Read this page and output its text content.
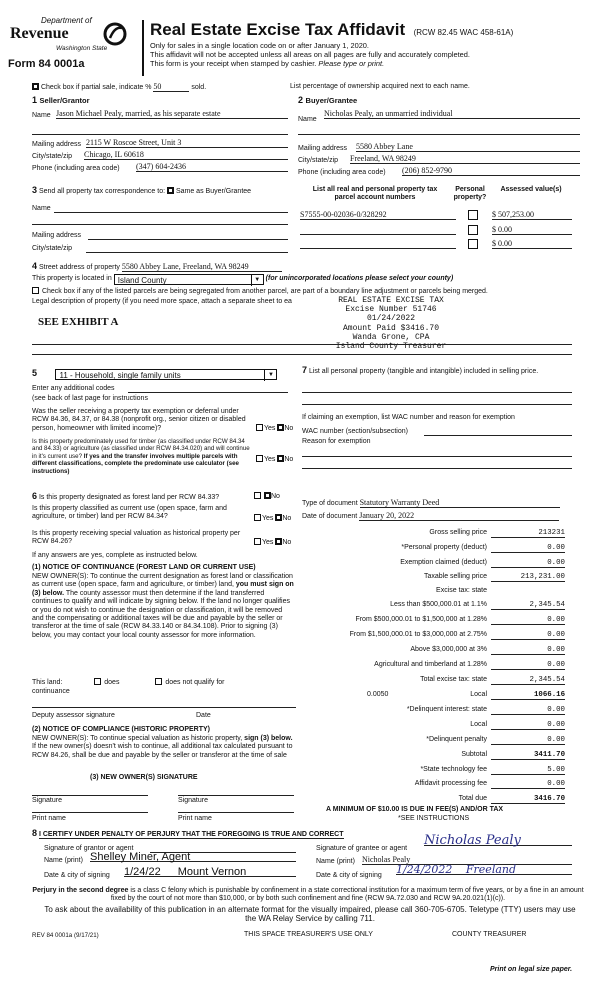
Department of
Revenue
Washington State
Form 84 0001a
Real Estate Excise Tax Affidavit (RCW 82.45 WAC 458-61A)
Only for sales in a single location code on or after January 1, 2020.
This affidavit will not be accepted unless all areas on all pages are fully and accurately completed.
This form is your receipt when stamped by cashier. Please type or print.
Check box if partial sale, indicate % 50	sold.	List percentage of ownership acquired next to each name.
1 Seller/Grantor
Name Jason Michael Pealy, married, as his separate estate
Mailing address 2115 W Roscoe Street, Unit 3
City/state/zip Chicago, IL 60618
Phone (including area code) (347) 604-2436
2 Buyer/Grantee
Name
Nicholas Pealy, an unmarried individual
Mailing address 5580 Abbey Lane
City/state/zip Freeland, WA 98249
Phone (including area code) (206) 852-9790
3 Send all property tax correspondence to: Same as Buyer/Grantee
Name
Mailing address
City/state/zip
List all real and personal property tax parcel account numbers
Personal property?
Assessed value(s)
S7555-00-02036-0/328292	$ 507,253.00
$ 0.00
$ 0.00
4 Street address of property 5580 Abbey Lane, Freeland, WA 98249
This property is located in Island County	▼ (for unincorporated locations please select your county)
Check box if any of the listed parcels are being segregated from another parcel, are part of a boundary line adjustment or parcels being merged.
Legal description of property (if you need more space, attach a separate sheet to ea
SEE EXHIBIT A
REAL ESTATE EXCISE TAX
Excise Number 51746
01/24/2022
Amount Paid $3416.70
Wanda Grone, CPA
Island County Treasurer
5	11 - Household, single family units	▼
Enter any additional codes
(see back of last page for instructions
Was the seller receiving a property tax exemption or deferral under RCW 84.36, 84.37, or 84.38 (nonprofit org., senior citizen or disabled person, homeowner with limited income)?	Yes No
Is this property predominately used for timber (as classified under RCW 84.34 and 84.33) or agriculture (as classified under RCW 84.34.020) and will continue in it's current use? If yes and the transfer involves multiple parcels with different classifications, complete the predominate use calculator (see instructions)
Yes No
6 Is this property designated as forest land per RCW 84.33?	No
Is this property classified as current use (open space, farm and agriculture, or timber) land per RCW 84.34?	Yes No
Is this property receiving special valuation as historical property per RCW 84.26?	Yes No
If any answers are yes, complete as instructed below.
(1) NOTICE OF CONTINUANCE (FOREST LAND OR CURRENT USE)
NEW OWNER(S): To continue the current designation as forest land or classification as current use (open space, farm and agriculture, or timber) land, you must sign on (3) below. The county assessor must then determine if the land transferred continues to qualify and will indicate by signing below. If the land no longer qualifies or you do not wish to continue the designation or classification, it will be removed and the compensating or additional taxes will be due and payable by the seller or transferor at the time of sale (RCW 84.33.140 or 84.34.108). Prior to signing (3) below, you may contact your local county assessor for more information.
This land:	does	does not qualify for
continuance
Deputy assessor signature	Date
(2) NOTICE OF COMPLIANCE (HISTORIC PROPERTY)
NEW OWNER(S): To continue special valuation as historic property, sign (3) below. If the new owner(s) doesn't wish to continue, all additional tax calculated pursuant to RCW 84.26, shall be due and payable by the seller or transferor at the time of sale
(3) NEW OWNER(S) SIGNATURE
Signature	Signature
Print name	Print name
7 List all personal property (tangible and intangible) included in selling price.
If claiming an exemption, list WAC number and reason for exemption
WAC number (section/subsection)
Reason for exemption
Type of document Statutory Warranty Deed
Date of document January 20, 2022
Gross selling price	213231
*Personal property (deduct)	0.00
Exemption claimed (deduct)	0.00
Taxable selling price	213,231.00
Excise tax: state
Less than $500,000.01 at 1.1%	2,345.54
From $500,000.01 to $1,500,000 at 1.28%	0.00
From $1,500,000.01 to $3,000,000 at 2.75%	0.00
Above $3,000,000 at 3%	0.00
Agricultural and timberland at 1.28%	0.00
Total excise tax: state	2,345.54
0.0050	Local	1066.16
*Delinquent interest: state	0.00
Local	0.00
*Delinquent penalty	0.00
Subtotal	3411.70
*State technology fee	5.00
Affidavit processing fee	0.00
Total due	3416.70
A MINIMUM OF $10.00 IS DUE IN FEE(S) AND/OR TAX
*SEE INSTRUCTIONS
8 I CERTIFY UNDER PENALTY OF PERJURY THAT THE FOREGOING IS TRUE AND CORRECT
Signature of grantor or agent
Name (print) Shelley Miner, Agent
Date & city of signing 1/24/22 Mount Vernon
Signature of grantee or agent
Nicholas Pealy
Name (print) Nicholas Pealy
Date & city of signing 1/24/2022 Freeland
Perjury in the second degree is a class C felony which is punishable by confinement in a state correctional institution for a maximum term of five years, or by a fine in an amount fixed by the court of not more than $10,000, or by both such confinement and fine (RCW 9A.72.030 and RCW 9A.20.021(1)(c)).
To ask about the availability of this publication in an alternate format for the visually impaired, please call 360-705-6705. Teletype (TTY) users may use the WA Relay Service by calling 711.
REV 84 0001a (9/17/21)	THIS SPACE TREASURER'S USE ONLY	COUNTY TREASURER
Print on legal size paper.
